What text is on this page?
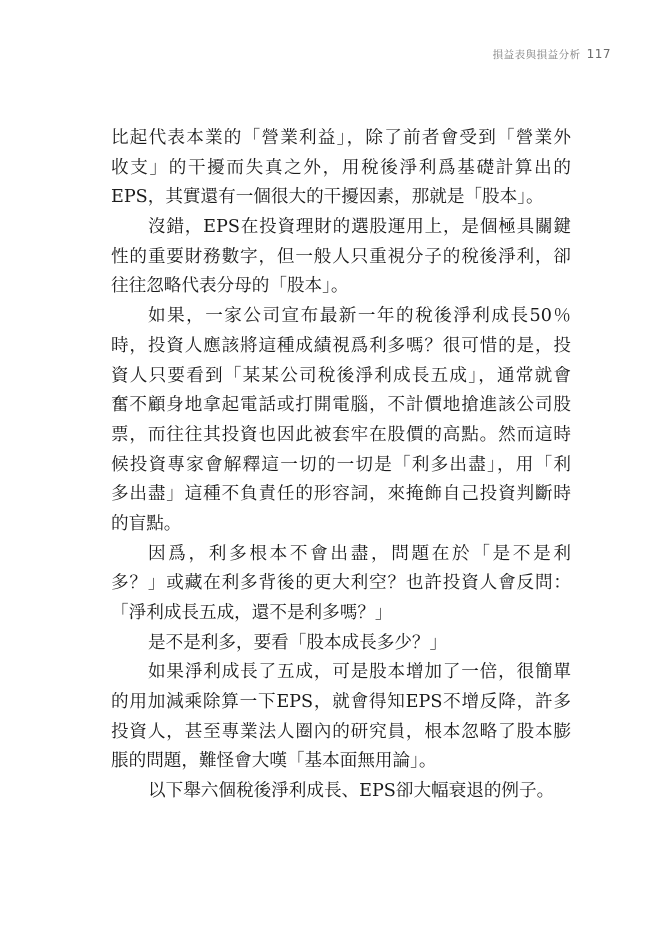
損益表與損益分析 117
比起代表本業的「營業利益」，除了前者會受到「營業外
收支」的干擾而失真之外，用稅後淨利爲基礎計算出的
EPS，其實還有一個很大的干擾因素，那就是「股本」。
沒錯，EPS在投資理財的選股運用上，是個極具關鍵
性的重要財務數字，但一般人只重視分子的稅後淨利，卻
往往忽略代表分母的「股本」。
如果，一家公司宣布最新一年的稅後淨利成長50％
時，投資人應該將這種成績視爲利多嗎？很可惜的是，投
資人只要看到「某某公司稅後淨利成長五成」，通常就會
奮不顧身地拿起電話或打開電腦，不計價地搶進該公司股
票，而往往其投資也因此被套牢在股價的高點。然而這時
候投資專家會解釋這一切的一切是「利多出盡」，用「利
多出盡」這種不負責任的形容詞，來掩飾自己投資判斷時
的盲點。
因爲，利多根本不會出盡，問題在於「是不是利
多？」或藏在利多背後的更大利空？也許投資人會反問：
「淨利成長五成，還不是利多嗎？」
是不是利多，要看「股本成長多少？」
如果淨利成長了五成，可是股本增加了一倍，很簡單
的用加減乘除算一下EPS，就會得知EPS不增反降，許多
投資人，甚至專業法人圈內的研究員，根本忽略了股本膨
脹的問題，難怪會大嘆「基本面無用論」。
以下舉六個稅後淨利成長、EPS卻大幅衰退的例子。
